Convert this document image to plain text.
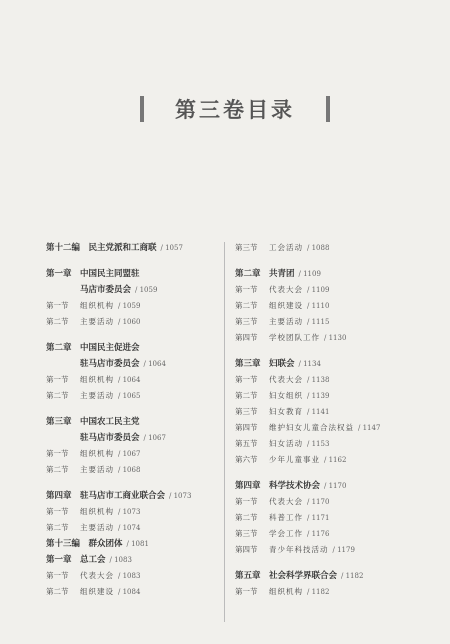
第三卷目录
第十二编　民主党派和工商联 / 1057
第一章 中国民主同盟驻
马店市委员会 / 1059
第一节 组织机构 / 1059
第二节 主要活动 / 1060
第二章 中国民主促进会
驻马店市委员会 / 1064
第一节 组织机构 / 1064
第二节 主要活动 / 1065
第三章 中国农工民主党
驻马店市委员会 / 1067
第一节 组织机构 / 1067
第二节 主要活动 / 1068
第四章 驻马店市工商业联合会 / 1073
第一节 组织机构 / 1073
第二节 主要活动 / 1074
第十三编　群众团体 / 1081
第一章 总工会 / 1083
第一节 代表大会 / 1083
第二节 组织建设 / 1084
第三节 工会活动 / 1088
第二章 共青团 / 1109
第一节 代表大会 / 1109
第二节 组织建设 / 1110
第三节 主要活动 / 1115
第四节 学校团队工作 / 1130
第三章 妇联会 / 1134
第一节 代表大会 / 1138
第二节 妇女组织 / 1139
第三节 妇女教育 / 1141
第四节 维护妇女儿童合法权益 / 1147
第五节 妇女活动 / 1153
第六节 少年儿童事业 / 1162
第四章 科学技术协会 / 1170
第一节 代表大会 / 1170
第二节 科普工作 / 1171
第三节 学会工作 / 1176
第四节 青少年科技活动 / 1179
第五章 社会科学界联合会 / 1182
第一节 组织机构 / 1182
